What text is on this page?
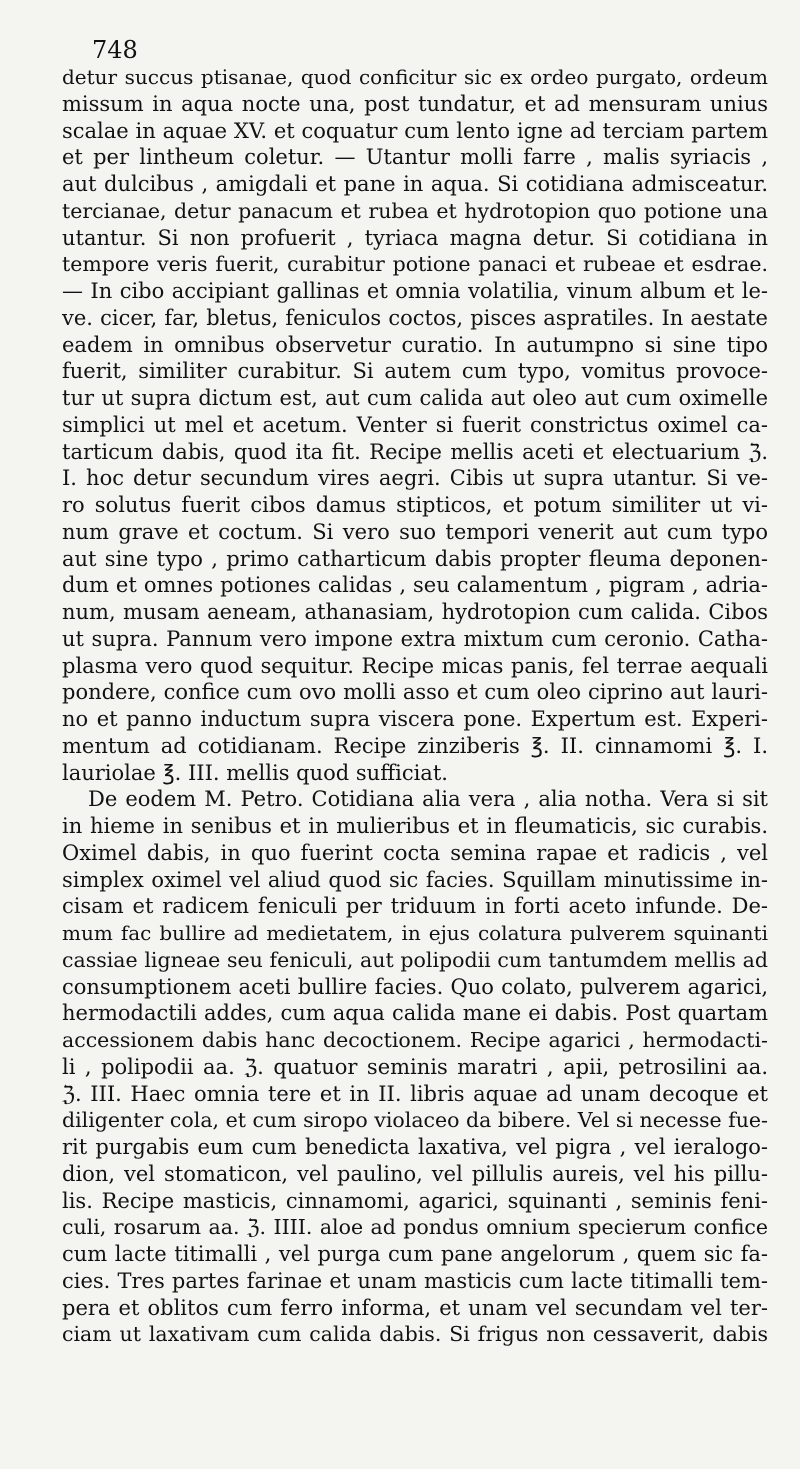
748
detur succus ptisanae, quod conficitur sic ex ordeo purgato, ordeum
missum in aqua nocte una, post tundatur, et ad mensuram unius
scalae in aquae XV. et coquatur cum lento igne ad terciam partem
et per lintheum coletur. — Utantur molli farre , malis syriacis ,
aut dulcibus , amigdali et pane in aqua. Si cotidiana admisceatur.
tercianae, detur panacum et rubea et hydrotopion quo potione una
utantur. Si non profuerit , tyriaca magna detur. Si cotidiana in
tempore veris fuerit, curabitur potione panaci et rubeae et esdrae.
— In cibo accipiant gallinas et omnia volatilia, vinum album et le-
ve. cicer, far, bletus, feniculos coctos, pisces aspratiles. In aestate
eadem in omnibus observetur curatio. In autumpno si sine tipo
fuerit, similiter curabitur. Si autem cum typo, vomitus provoce-
tur ut supra dictum est, aut cum calida aut oleo aut cum oximelle
simplici ut mel et acetum. Venter si fuerit constrictus oximel ca-
tarticum dabis, quod ita fit. Recipe mellis aceti et electuarium ℨ.
I. hoc detur secundum vires aegri. Cibis ut supra utantur. Si ve-
ro solutus fuerit cibos damus stipticos, et potum similiter ut vi-
num grave et coctum. Si vero suo tempori venerit aut cum typo
aut sine typo , primo catharticum dabis propter fleuma deponen-
dum et omnes potiones calidas , seu calamentum , pigram , adria-
num, musam aeneam, athanasiam, hydrotopion cum calida. Cibos
ut supra. Pannum vero impone extra mixtum cum ceronio. Catha-
plasma vero quod sequitur. Recipe micas panis, fel terrae aequali
pondere, confice cum ovo molli asso et cum oleo ciprino aut lauri-
no et panno inductum supra viscera pone. Expertum est. Experi-
mentum ad cotidianam. Recipe zinziberis ℥. II. cinnamomi ℥. I.
lauriolae ℥. III. mellis quod sufficiat.
De eodem M. Petro. Cotidiana alia vera , alia notha. Vera si sit
in hieme in senibus et in mulieribus et in fleumaticis, sic curabis.
Oximel dabis, in quo fuerint cocta semina rapae et radicis , vel
simplex oximel vel aliud quod sic facies. Squillam minutissime in-
cisam et radicem feniculi per triduum in forti aceto infunde. De-
mum fac bullire ad medietatem, in ejus colatura pulverem squinanti
cassiae ligneae seu feniculi, aut polipodii cum tantumdem mellis ad
consumptionem aceti bullire facies. Quo colato, pulverem agarici,
hermodactili addes, cum aqua calida mane ei dabis. Post quartam
accessionem dabis hanc decoctionem. Recipe agarici , hermodacti-
li , polipodii aa. ℨ. quatuor seminis maratri , apii, petrosilini aa.
ℨ. III. Haec omnia tere et in II. libris aquae ad unam decoque et
diligenter cola, et cum siropo violaceo da bibere. Vel si necesse fue-
rit purgabis eum cum benedicta laxativa, vel pigra , vel ieralogo-
dion, vel stomaticon, vel paulino, vel pillulis aureis, vel his pillu-
lis. Recipe masticis, cinnamomi, agarici, squinanti , seminis feni-
culi, rosarum aa. ℨ. IIII. aloe ad pondus omnium specierum confice
cum lacte titimalli , vel purga cum pane angelorum , quem sic fa-
cies. Tres partes farinae et unam masticis cum lacte titimalli tem-
pera et oblitos cum ferro informa, et unam vel secundam vel ter-
ciam ut laxativam cum calida dabis. Si frigus non cessaverit, dabis
